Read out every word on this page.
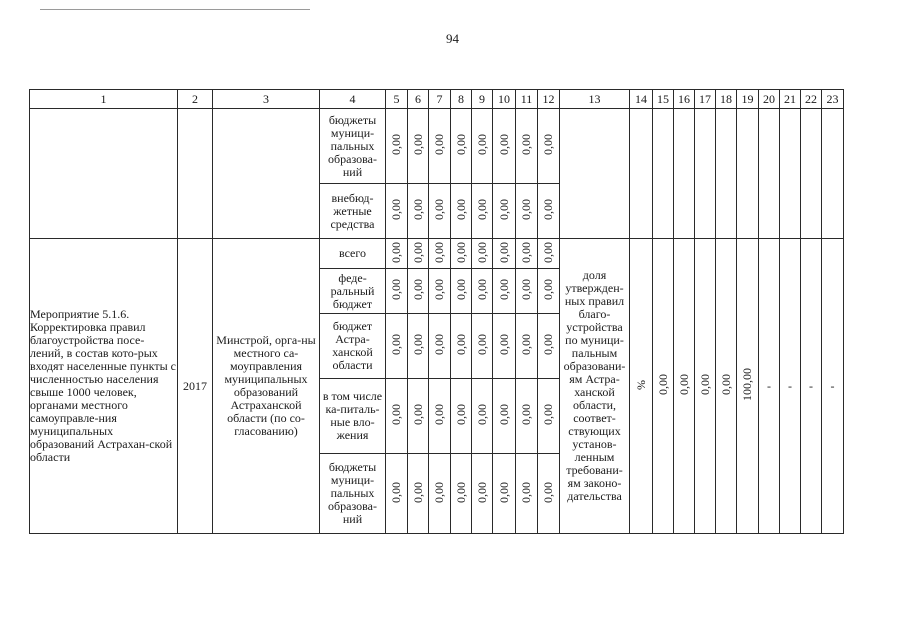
94
1	2	3	4	5	6	7	8	9	10	11	12	13	14	15	16	17	18	19	20	21	22	23
			бюджеты муници-пальных образова-ний	0,00	0,00	0,00	0,00	0,00	0,00	0,00	0,00											
			внебюд-жетные средства	0,00	0,00	0,00	0,00	0,00	0,00	0,00	0,00											
Мероприятие 5.1.6. Корректировка правил благоустройства посе-лений, в состав кото-рых входят населенные пункты с численностью населения свыше 1000 человек, органами местного самоуправле-ния муниципальных образований Астрахан-ской области	2017	Минстрой, орга-ны местного са-моуправления муниципальных образований Астраханской области (по со-гласованию)	всего	0,00	0,00	0,00	0,00	0,00	0,00	0,00	0,00	доля утвержден-ных правил благо-устройства по муници-пальным образовани-ям Астра-ханской области, соответ-ствующих установ-ленным требовани-ям законо-дательства	%	0,00	0,00	0,00	0,00	100,00	-	-	-	-
			феде-ральный бюджет	0,00	0,00	0,00	0,00	0,00	0,00	0,00	0,00											
			бюджет Астра-ханской области	0,00	0,00	0,00	0,00	0,00	0,00	0,00	0,00											
			в том числе ка-питаль-ные вло-жения	0,00	0,00	0,00	0,00	0,00	0,00	0,00	0,00											
			бюджеты муници-пальных образова-ний	0,00	0,00	0,00	0,00	0,00	0,00	0,00	0,00											
